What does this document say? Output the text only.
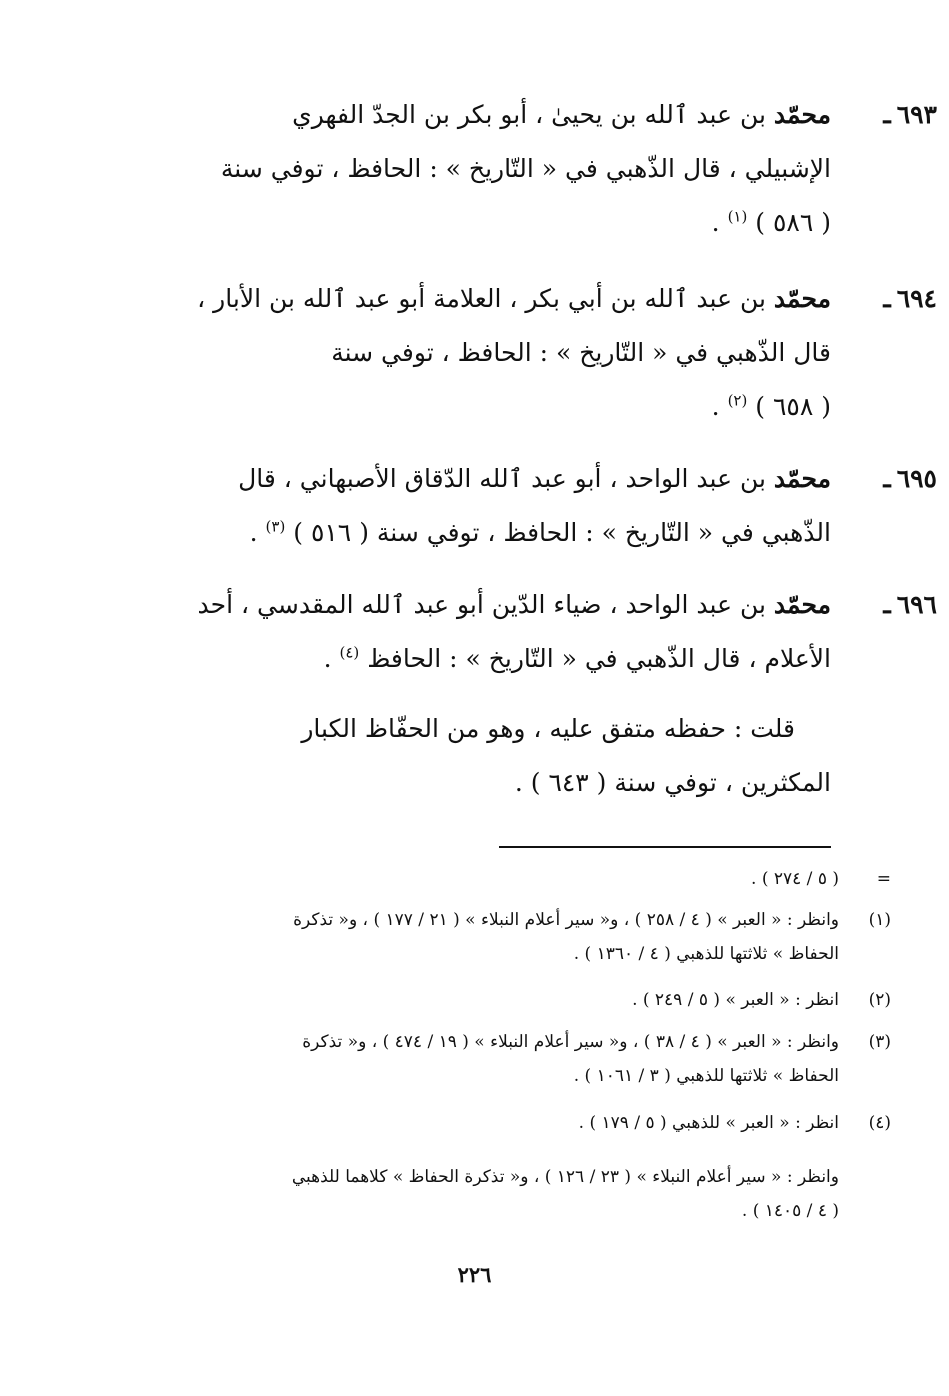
٦٩٣ـ

محمّد بن عبد ٱلله بن يحيىٰ ، أبو بكر بن الجدّ الفهري

الإشبيلي ، قال الذّهبي في « التّاريخ » : الحافظ ، توفي سنة

( ٥٨٦ ) $^{(١)}$ .

٦٩٤ـ

محمّد بن عبد ٱلله بن أبي بكر ، العلامة أبو عبد ٱلله بن الأبار ،

قال الذّهبي في « التّاريخ » : الحافظ ، توفي سنة

( ٦٥٨ ) $^{(٢)}$ .

٦٩٥ـ

محمّد بن عبد الواحد ، أبو عبد ٱلله الدّقاق الأصبهاني ، قال

الذّهبي في « التّاريخ » : الحافظ ، توفي سنة ( ٥١٦ ) $^{(٣)}$ .

٦٩٦ـ

محمّد بن عبد الواحد ، ضياء الدّين أبو عبد ٱلله المقدسي ، أحد

الأعلام ، قال الذّهبي في « التّاريخ » : الحافظ $^{(٤)}$ .

قلت : حفظه متفق عليه ، وهو من الحفّاظ الكبار

المكثرين ، توفي سنة ( ٦٤٣ ) .

=

( ٥ / ٢٧٤ ) .

(١)

وانظر : « العبر » ( ٤ / ٢٥٨ ) ، و« سير أعلام النبلاء » ( ٢١ / ١٧٧ ) ، و« تذكرة

الحفاظ » ثلاثتها للذهبي ( ٤ / ١٣٦٠ ) .

(٢)

انظر : « العبر » ( ٥ / ٢٤٩ ) .

(٣)

وانظر : « العبر » ( ٤ / ٣٨ ) ، و« سير أعلام النبلاء » ( ١٩ / ٤٧٤ ) ، و« تذكرة

الحفاظ » ثلاثتها للذهبي ( ٣ / ١٠٦١ ) .

(٤)

انظر : « العبر » للذهبي ( ٥ / ١٧٩ ) .

وانظر : « سير أعلام النبلاء » ( ٢٣ / ١٢٦ ) ، و« تذكرة الحفاظ » كلاهما للذهبي

( ٤ / ١٤٠٥ ) .

٢٢٦
